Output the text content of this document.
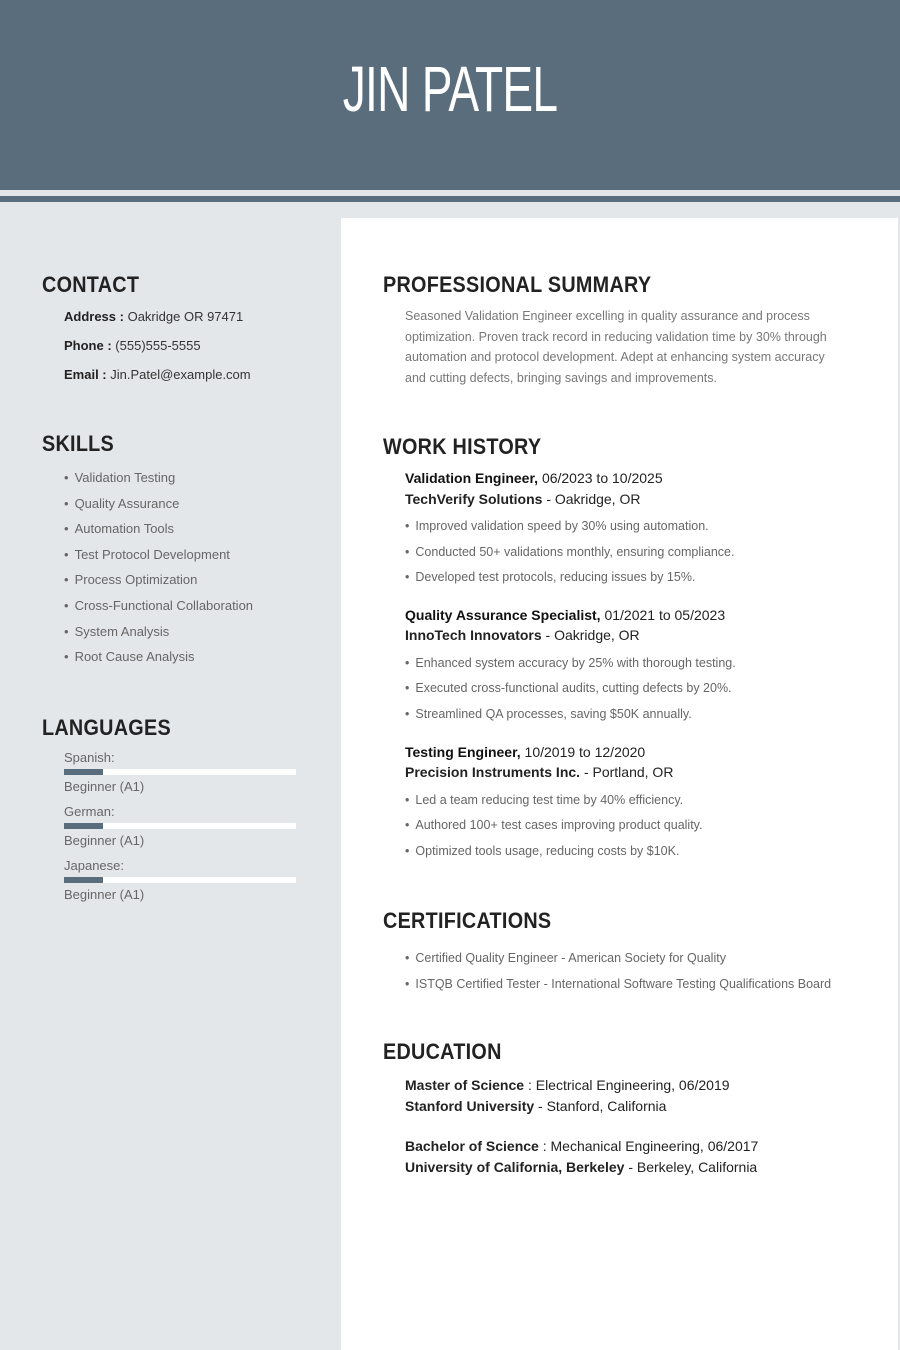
JIN PATEL
CONTACT

Address : Oakridge OR 97471

Phone : (555)555-5555

Email : Jin.Patel@example.com

SKILLS
• Validation Testing
• Quality Assurance
• Automation Tools
• Test Protocol Development
• Process Optimization
• Cross-Functional Collaboration
• System Analysis
• Root Cause Analysis
LANGUAGES
Spanish:
Beginner (A1)
German:
Beginner (A1)
Japanese:
Beginner (A1)
PROFESSIONAL SUMMARY

Seasoned Validation Engineer excelling in quality assurance and process optimization. Proven track record in reducing validation time by 30% through automation and protocol development. Adept at enhancing system accuracy and cutting defects, bringing savings and improvements.

WORK HISTORY
Validation Engineer, 06/2023 to 10/2025
TechVerify Solutions - Oakridge, OR
• Improved validation speed by 30% using automation.
• Conducted 50+ validations monthly, ensuring compliance.
• Developed test protocols, reducing issues by 15%.
Quality Assurance Specialist, 01/2021 to 05/2023
InnoTech Innovators - Oakridge, OR
• Enhanced system accuracy by 25% with thorough testing.
• Executed cross-functional audits, cutting defects by 20%.
• Streamlined QA processes, saving $50K annually.
Testing Engineer, 10/2019 to 12/2020
Precision Instruments Inc. - Portland, OR
• Led a team reducing test time by 40% efficiency.
• Authored 100+ test cases improving product quality.
• Optimized tools usage, reducing costs by $10K.
CERTIFICATIONS
• Certified Quality Engineer - American Society for Quality
• ISTQB Certified Tester - International Software Testing Qualifications Board
EDUCATION
Master of Science : Electrical Engineering, 06/2019
Stanford University - Stanford, California
Bachelor of Science : Mechanical Engineering, 06/2017
University of California, Berkeley - Berkeley, California
